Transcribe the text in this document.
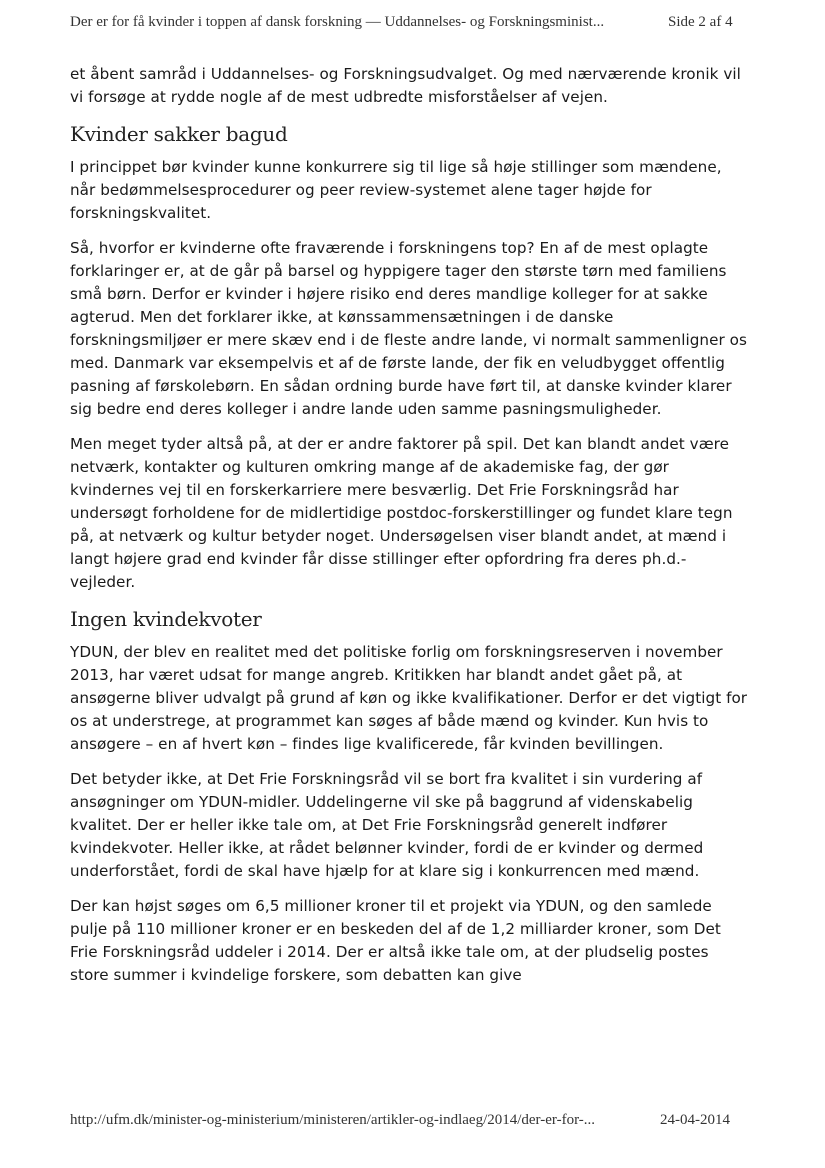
Der er for få kvinder i toppen af dansk forskning — Uddannelses- og Forskningsminist...	Side 2 af 4

et åbent samråd i Uddannelses- og Forskningsudvalget. Og med nærværende kronik vil vi forsøge at rydde nogle af de mest udbredte misforståelser af vejen.

Kvinder sakker bagud

I princippet bør kvinder kunne konkurrere sig til lige så høje stillinger som mændene, når bedømmelsesprocedurer og peer review-systemet alene tager højde for forskningskvalitet.

Så, hvorfor er kvinderne ofte fraværende i forskningens top? En af de mest oplagte forklaringer er, at de går på barsel og hyppigere tager den største tørn med familiens små børn. Derfor er kvinder i højere risiko end deres mandlige kolleger for at sakke agterud. Men det forklarer ikke, at kønssammensætningen i de danske forskningsmiljøer er mere skæv end i de fleste andre lande, vi normalt sammenligner os med. Danmark var eksempelvis et af de første lande, der fik en veludbygget offentlig pasning af førskolebørn. En sådan ordning burde have ført til, at danske kvinder klarer sig bedre end deres kolleger i andre lande uden samme pasningsmuligheder.

Men meget tyder altså på, at der er andre faktorer på spil. Det kan blandt andet være netværk, kontakter og kulturen omkring mange af de akademiske fag, der gør kvindernes vej til en forskerkarriere mere besværlig. Det Frie Forskningsråd har undersøgt forholdene for de midlertidige postdoc-forskerstillinger og fundet klare tegn på, at netværk og kultur betyder noget. Undersøgelsen viser blandt andet, at mænd i langt højere grad end kvinder får disse stillinger efter opfordring fra deres ph.d.-vejleder.

Ingen kvindekvoter

YDUN, der blev en realitet med det politiske forlig om forskningsreserven i november 2013, har været udsat for mange angreb. Kritikken har blandt andet gået på, at ansøgerne bliver udvalgt på grund af køn og ikke kvalifikationer. Derfor er det vigtigt for os at understrege, at programmet kan søges af både mænd og kvinder. Kun hvis to ansøgere – en af hvert køn – findes lige kvalificerede, får kvinden bevillingen.

Det betyder ikke, at Det Frie Forskningsråd vil se bort fra kvalitet i sin vurdering af ansøgninger om YDUN-midler. Uddelingerne vil ske på baggrund af videnskabelig kvalitet. Der er heller ikke tale om, at Det Frie Forskningsråd generelt indfører kvindekvoter. Heller ikke, at rådet belønner kvinder, fordi de er kvinder og dermed underforstået, fordi de skal have hjælp for at klare sig i konkurrencen med mænd.

Der kan højst søges om 6,5 millioner kroner til et projekt via YDUN, og den samlede pulje på 110 millioner kroner er en beskeden del af de 1,2 milliarder kroner, som Det Frie Forskningsråd uddeler i 2014. Der er altså ikke tale om, at der pludselig postes store summer i kvindelige forskere, som debatten kan give

http://ufm.dk/minister-og-ministerium/ministeren/artikler-og-indlaeg/2014/der-er-for-...	24-04-2014
